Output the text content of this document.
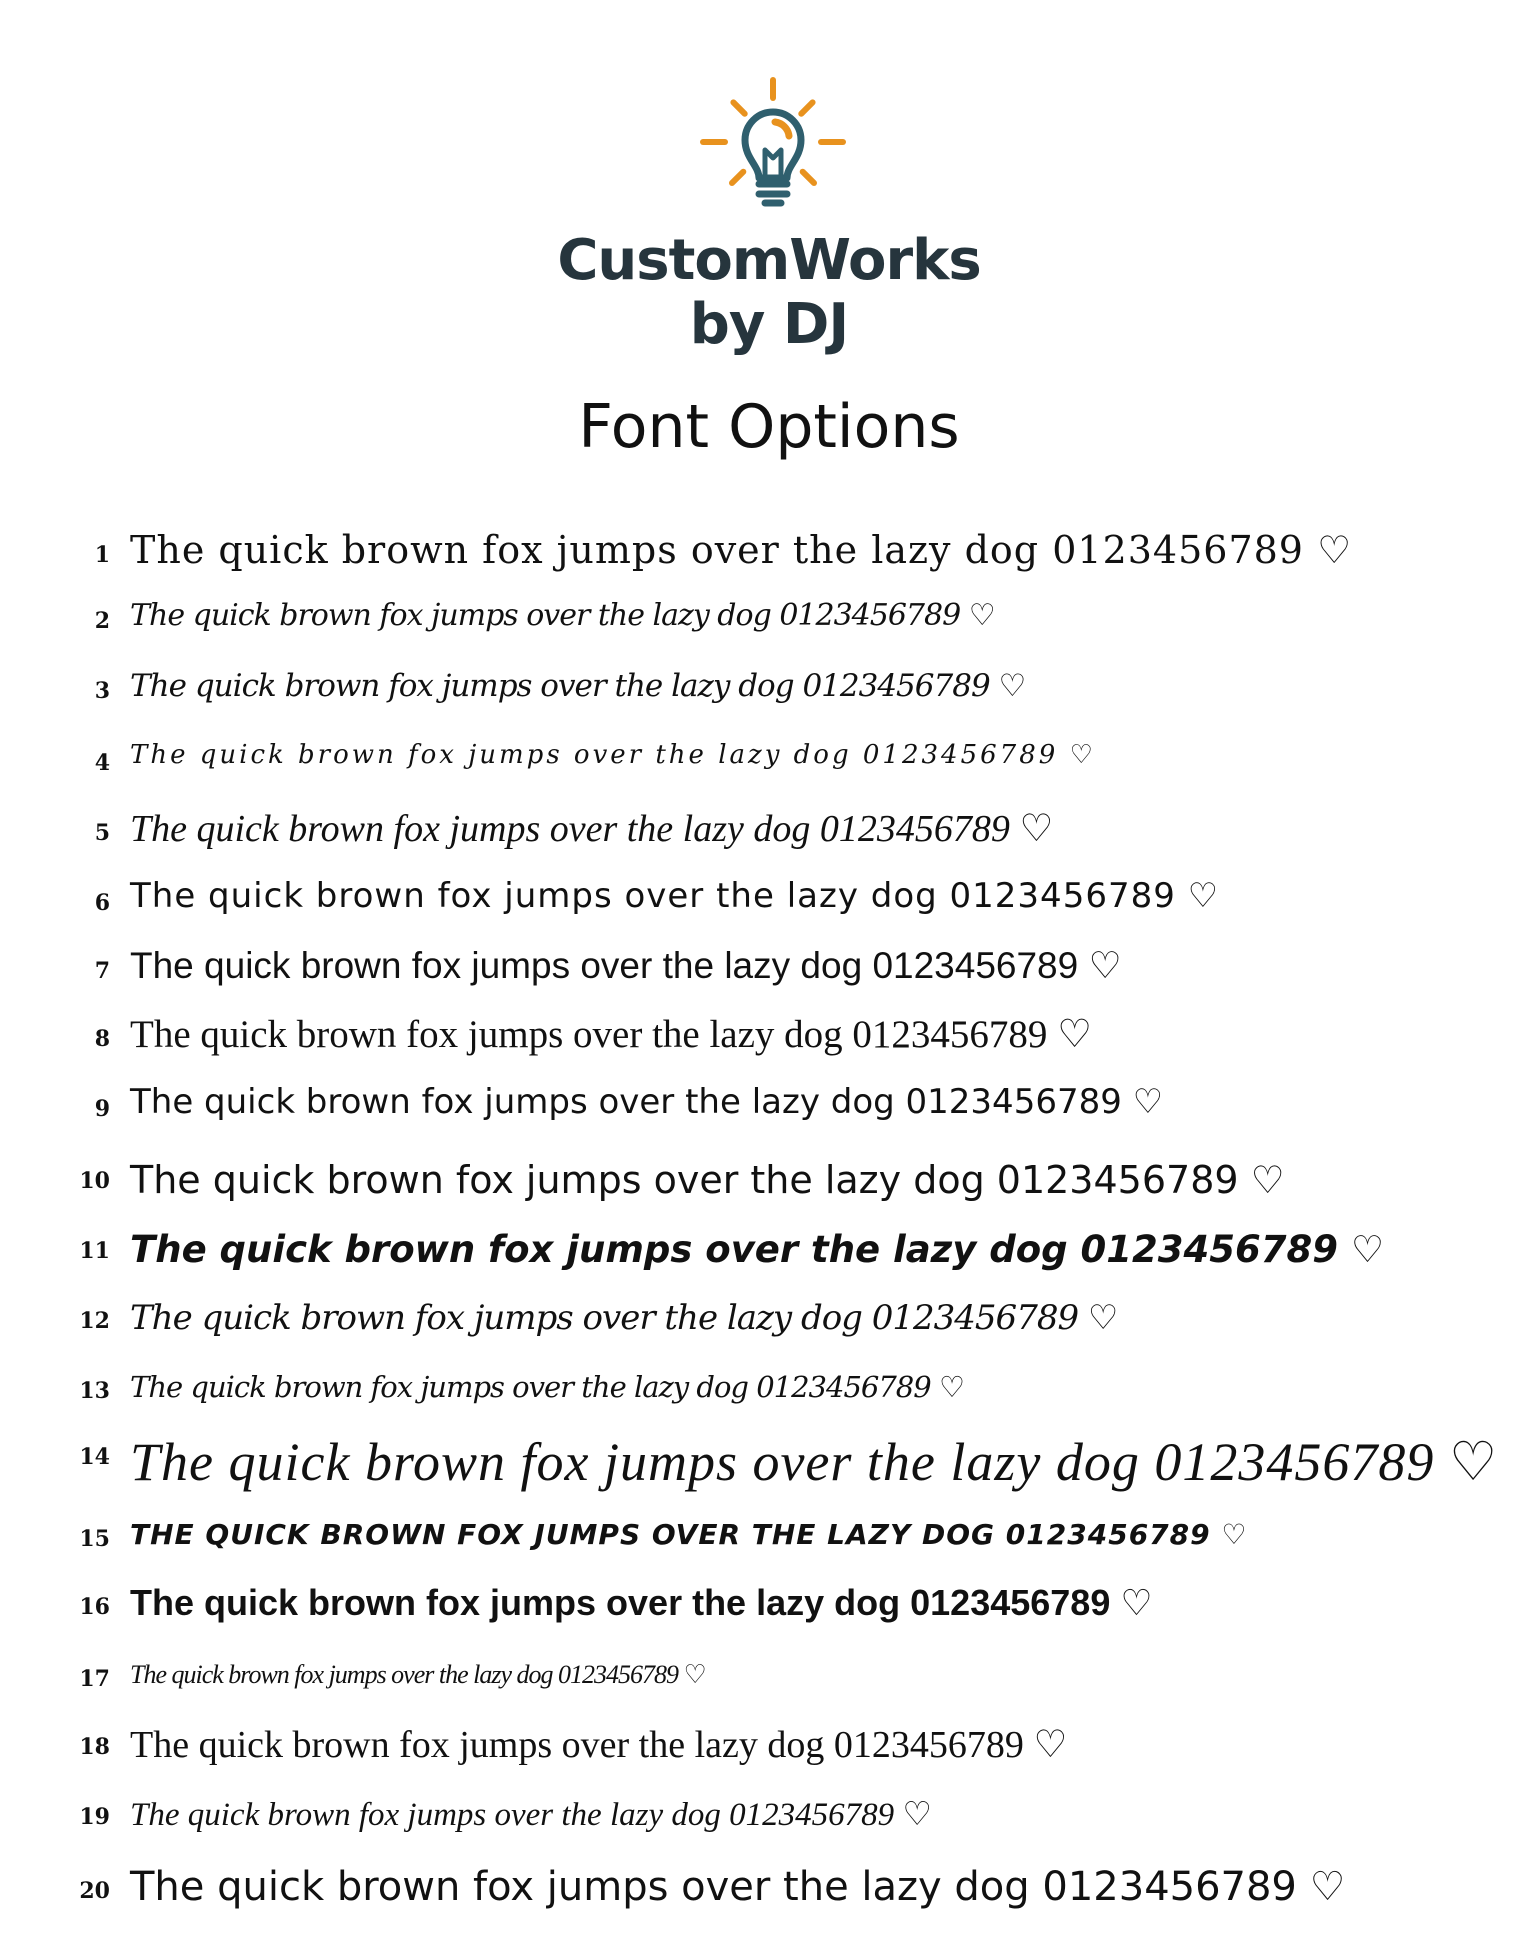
CustomWorks
by DJ
Font Options
1 The quick brown fox jumps over the lazy dog 0123456789 ♡
2 The quick brown fox jumps over the lazy dog 0123456789 ♡
3 The quick brown fox jumps over the lazy dog 0123456789 ♡
4 The quick brown fox jumps over the lazy dog 0123456789 ♡
5 The quick brown fox jumps over the lazy dog 0123456789 ♡
6 The quick brown fox jumps over the lazy dog 0123456789 ♡
7 The quick brown fox jumps over the lazy dog 0123456789 ♡
8 The quick brown fox jumps over the lazy dog 0123456789 ♡
9 The quick brown fox jumps over the lazy dog 0123456789 ♡
10 The quick brown fox jumps over the lazy dog 0123456789 ♡
11 The quick brown fox jumps over the lazy dog 0123456789 ♡
12 The quick brown fox jumps over the lazy dog 0123456789 ♡
13 The quick brown fox jumps over the lazy dog 0123456789 ♡
14 The quick brown fox jumps over the lazy dog 0123456789 ♡
15 THE QUICK BROWN FOX JUMPS OVER THE LAZY DOG 0123456789 ♡
16 The quick brown fox jumps over the lazy dog 0123456789 ♡
17 The quick brown fox jumps over the lazy dog 0123456789 ♡
18 The quick brown fox jumps over the lazy dog 0123456789 ♡
19 The quick brown fox jumps over the lazy dog 0123456789 ♡
20 The quick brown fox jumps over the lazy dog 0123456789 ♡
